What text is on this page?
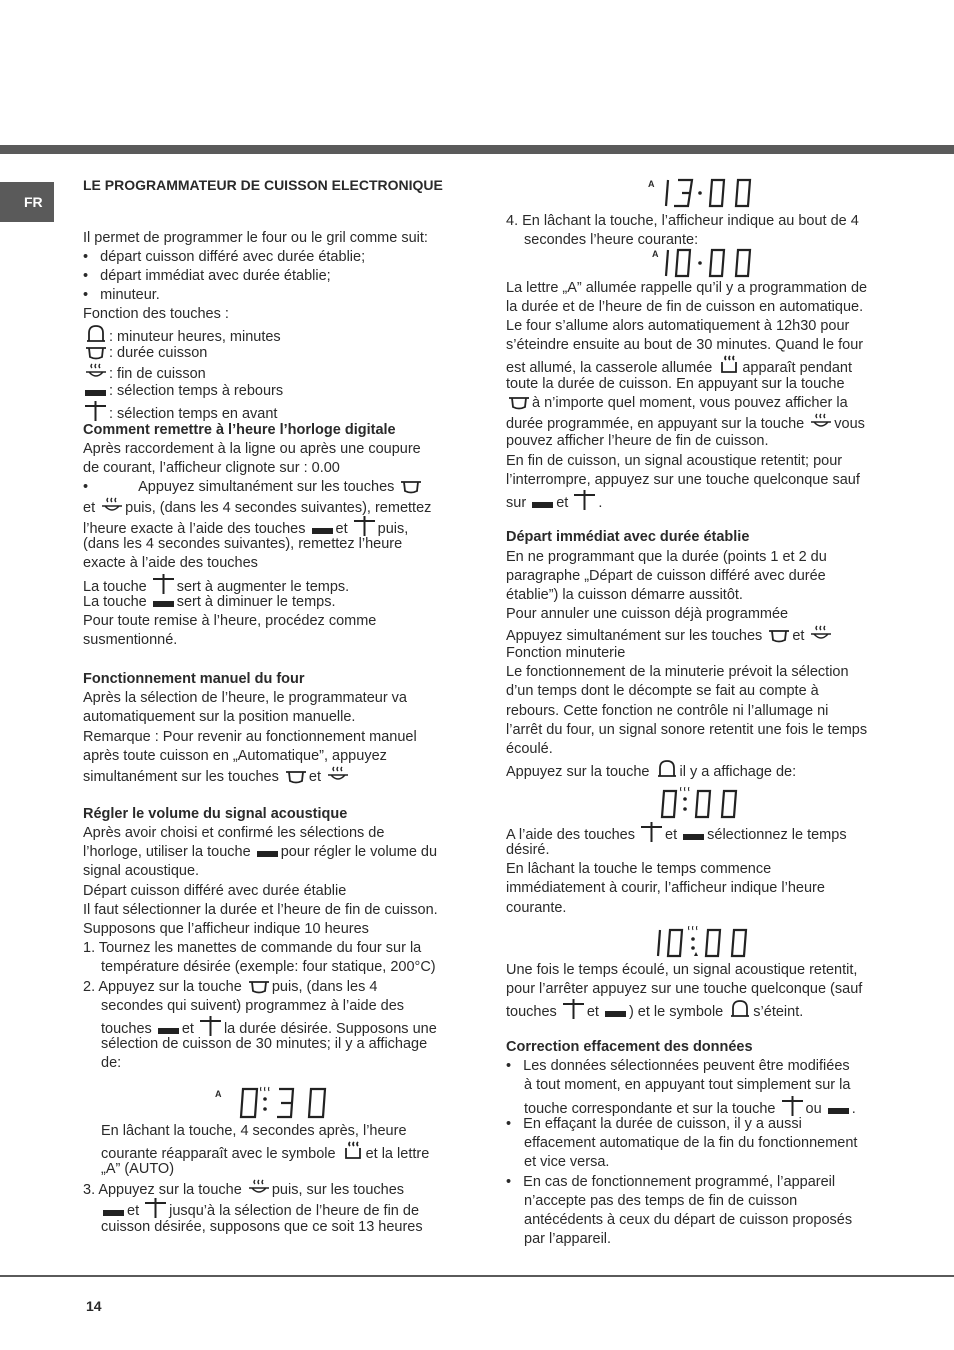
FR
LE PROGRAMMATEUR DE CUISSON ELECTRONIQUE
Il permet de programmer le four ou le gril comme suit:
•   départ cuisson différé avec durée établie;
•   départ immédiat avec durée établie;
•   minuteur.
Fonction des touches :
: minuteur heures, minutes
: durée cuisson
: fin de cuisson
: sélection temps à rebours
: sélection temps en avant
Comment remettre à l’heure l’horloge digitale
Après raccordement à la ligne ou après une coupure
de courant, l’afficheur clignote sur : 0.00
•	Appuyez simultanément sur les touches
et puis, (dans les 4 secondes suivantes), remettez
l’heure exacte à l’aide des touches et puis,
(dans les 4 secondes suivantes), remettez l’heure
exacte à l’aide des touches
La touche sert à augmenter le temps.
La touche sert à diminuer le temps.
Pour toute remise à l’heure, procédez comme
susmentionné.
Fonctionnement manuel du four
Après la sélection de l’heure, le programmateur va
automatiquement sur la position manuelle.
Remarque : Pour revenir au fonctionnement manuel
après toute cuisson en „Automatique”, appuyez
simultanément sur les touches et
Régler le volume du signal acoustique
Après avoir choisi et confirmé les sélections de
l’horloge, utiliser la touche pour régler le volume du
signal acoustique.
Départ cuisson différé avec durée établie
Il faut sélectionner la durée et l’heure de fin de cuisson.
Supposons que l’afficheur indique 10 heures
1. Tournez les manettes de commande du four sur la
température désirée (exemple: four statique, 200°C)
2. Appuyez sur la touche puis, (dans les 4
secondes qui suivent) programmez à l’aide des
touches et la durée désirée. Supposons une
sélection de cuisson de 30 minutes; il y a affichage
de:
A
En lâchant la touche, 4 secondes après, l’heure
courante réapparaît avec le symbole et la lettre
„A” (AUTO)
3. Appuyez sur la touche puis, sur les touches
et jusqu’à la sélection de l’heure de fin de
cuisson désirée, supposons que ce soit 13 heures
A
4. En lâchant la touche, l’afficheur indique au bout de 4
secondes l’heure courante:
A
La lettre „A” allumée rappelle qu’il y a programmation de
la durée et de l’heure de fin de cuisson en automatique.
Le four s’allume alors automatiquement à 12h30 pour
s’éteindre ensuite au bout de 30 minutes. Quand le four
est allumé, la casserole allumée apparaît pendant
toute la durée de cuisson. En appuyant sur la touche
à n’importe quel moment, vous pouvez afficher la
durée programmée, en appuyant sur la touche vous
pouvez afficher l’heure de fin de cuisson.
En fin de cuisson, un signal acoustique retentit; pour
l’interrompre, appuyez sur une touche quelconque sauf
sur et .
Départ immédiat avec durée établie
En ne programmant que la durée (points 1 et 2 du
paragraphe „Départ de cuisson différé avec durée
établie”) la cuisson démarre aussitôt.
Pour annuler une cuisson déjà programmée
Appuyez simultanément sur les touches et
Fonction minuterie
Le fonctionnement de la minuterie prévoit la sélection
d’un temps dont le décompte se fait au compte à
rebours. Cette fonction ne contrôle ni l’allumage ni
l’arrêt du four, un signal sonore retentit une fois le temps
écoulé.
Appuyez sur la touche il y a affichage de:
A l’aide des touches et sélectionnez le temps
désiré.
En lâchant la touche le temps commence
immédiatement à courir, l’afficheur indique l’heure
courante.
Une fois le temps écoulé, un signal acoustique retentit,
pour l’arrêter appuyez sur une touche quelconque (sauf
touches et ) et le symbole s’éteint.
Correction effacement des données
•   Les données sélectionnées peuvent être modifiées
à tout moment, en appuyant tout simplement sur la
touche correspondante et sur la touche ou .
•   En effaçant la durée de cuisson, il y a aussi
effacement automatique de la fin du fonctionnement
et vice versa.
•   En cas de fonctionnement programmé, l’appareil
n’accepte pas des temps de fin de cuisson
antécédents à ceux du départ de cuisson proposés
par l’appareil.
14
